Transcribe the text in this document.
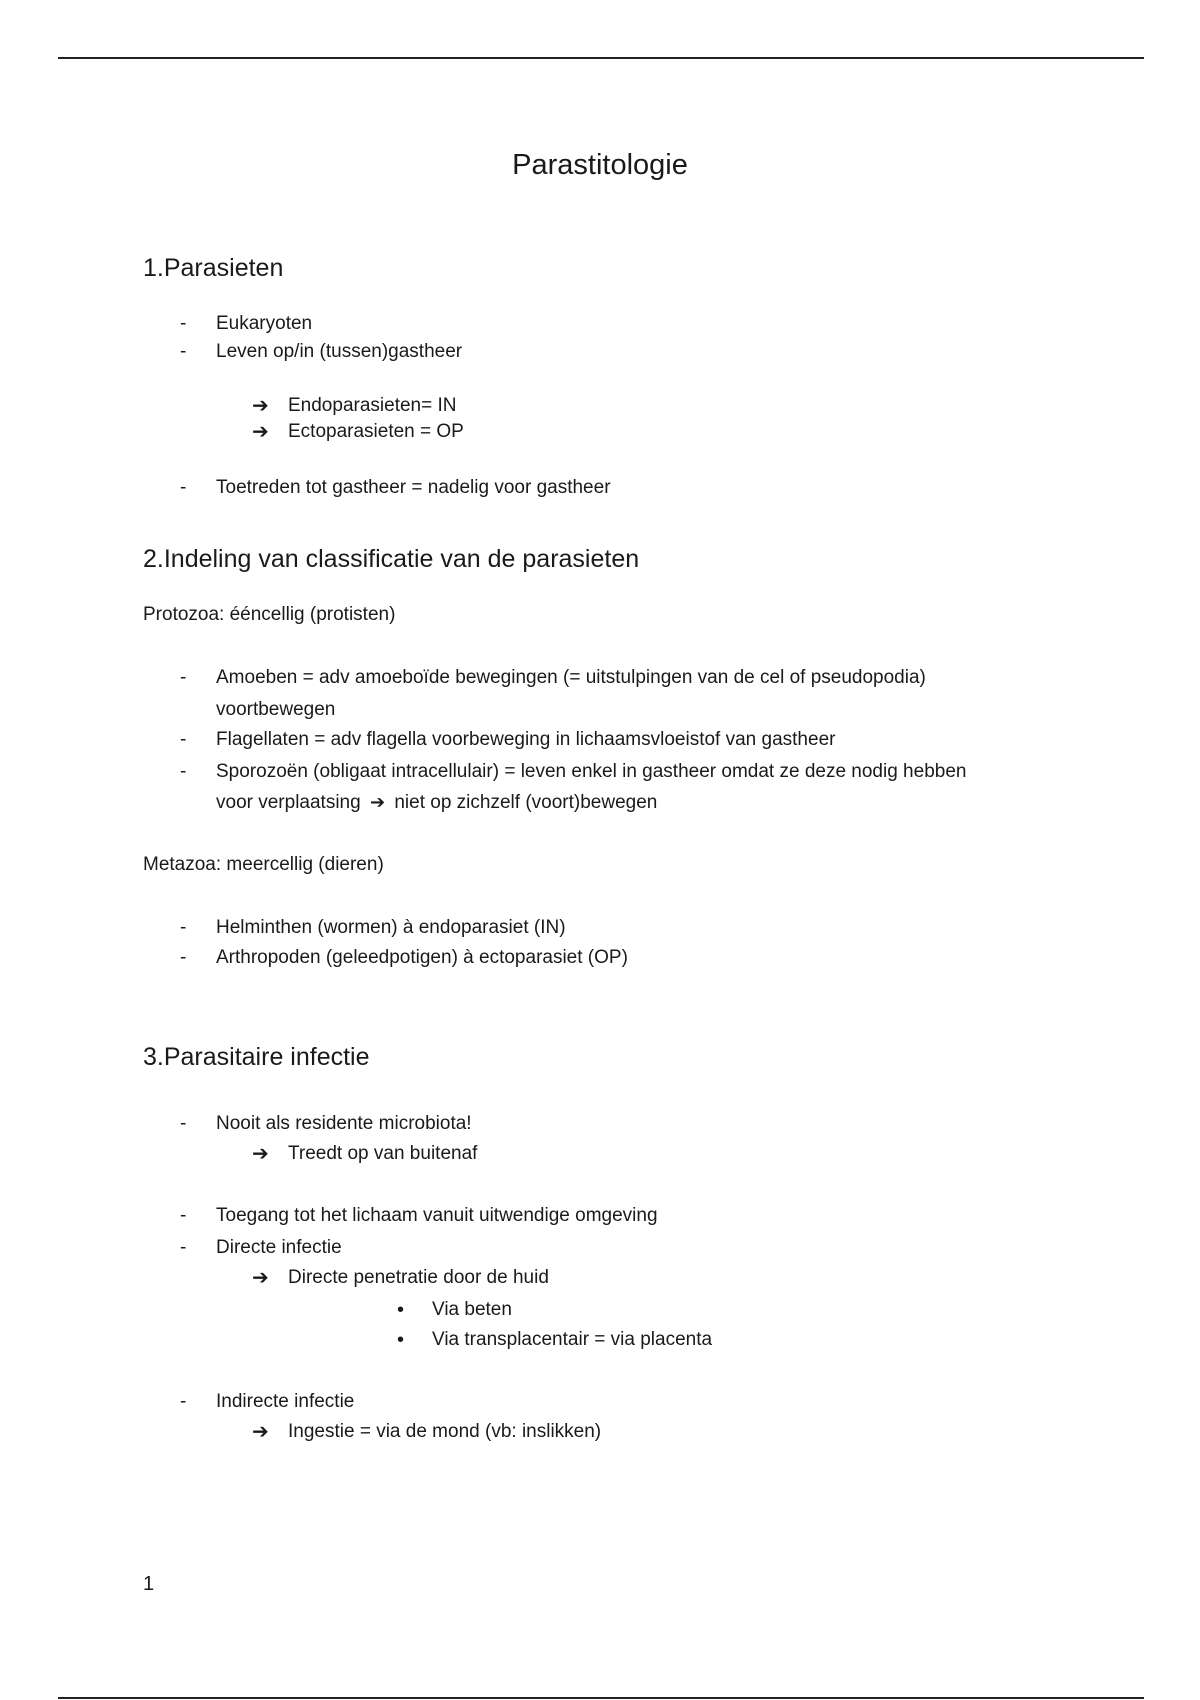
Parastitologie
1.Parasieten
- Eukaryoten
- Leven op/in (tussen)gastheer
➔ Endoparasieten= IN
➔ Ectoparasieten = OP
- Toetreden tot gastheer = nadelig voor gastheer
2.Indeling van classificatie van de parasieten
Protozoa: ééncellig (protisten)
- Amoeben = adv amoeboïde bewegingen (= uitstulpingen van de cel of pseudopodia)
voortbewegen
- Flagellaten = adv flagella voorbeweging in lichaamsvloeistof van gastheer
- Sporozoën (obligaat intracellulair) = leven enkel in gastheer omdat ze deze nodig hebben
voor verplaatsing ➔ niet op zichzelf (voort)bewegen
Metazoa: meercellig (dieren)
- Helminthen (wormen) à endoparasiet (IN)
- Arthropoden (geleedpotigen) à ectoparasiet (OP)
3.Parasitaire infectie
- Nooit als residente microbiota!
➔ Treedt op van buitenaf
- Toegang tot het lichaam vanuit uitwendige omgeving
- Directe infectie
➔ Directe penetratie door de huid
• Via beten
• Via transplacentair = via placenta
- Indirecte infectie
➔ Ingestie = via de mond (vb: inslikken)
1
